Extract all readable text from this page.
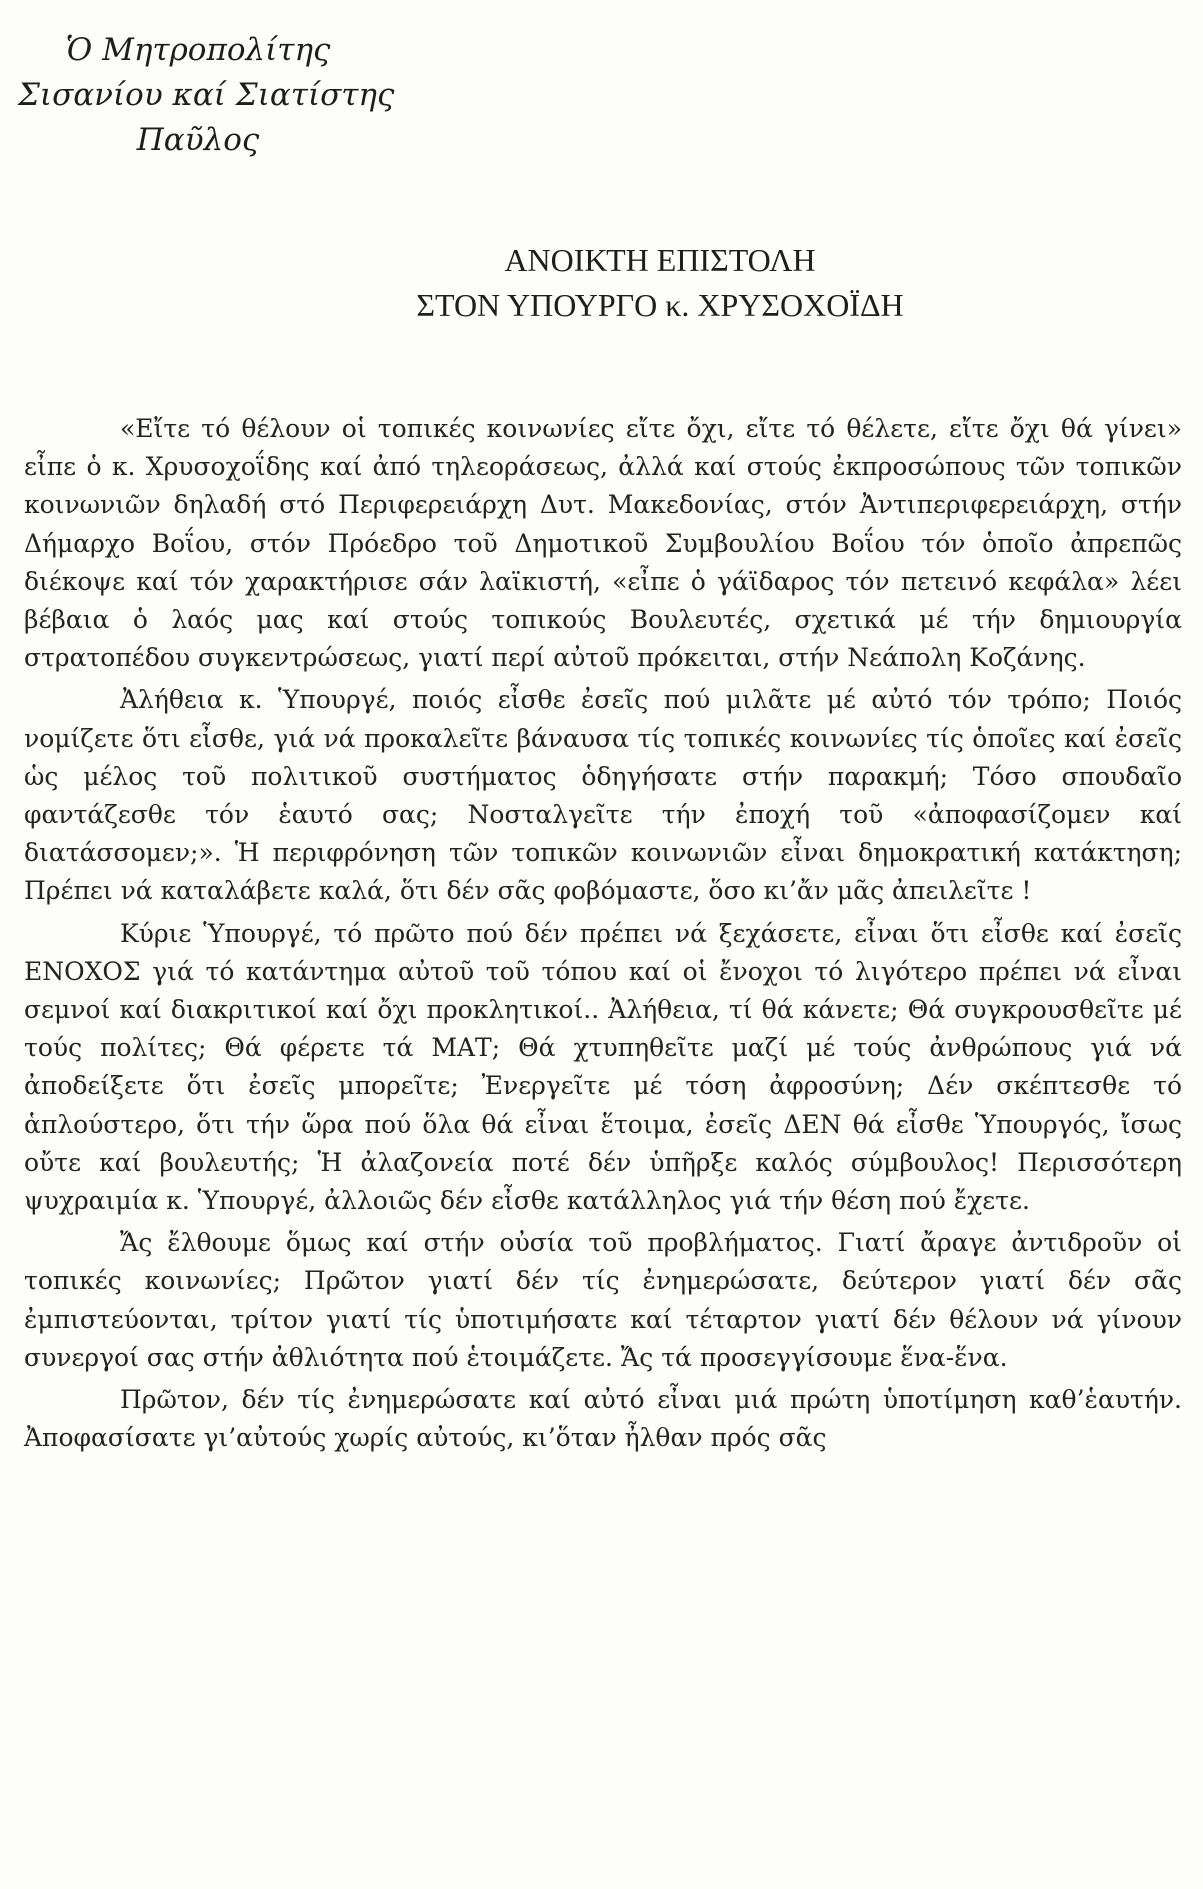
Ὁ Μητροπολίτης
Σισανίου καί Σιατίστης
Παῦλος
ΑΝΟΙΚΤΗ ΕΠΙΣΤΟΛΗ
ΣΤΟΝ ΥΠΟΥΡΓΟ κ. ΧΡΥΣΟΧΟΪΔΗ

«Εἴτε τό θέλουν οἱ τοπικές κοινωνίες εἴτε ὄχι, εἴτε τό θέλετε, εἴτε ὄχι θά γίνει» εἶπε ὁ κ. Χρυσοχοΐδης καί ἀπό τηλεοράσεως, ἀλλά καί στούς ἐκπροσώπους τῶν τοπικῶν κοινωνιῶν δηλαδή στό Περιφερειάρχη Δυτ. Μακεδονίας, στόν Ἀντιπεριφερειάρχη, στήν Δήμαρχο Βοΐου, στόν Πρόεδρο τοῦ Δημοτικοῦ Συμβουλίου Βοΐου τόν ὁποῖο ἀπρεπῶς διέκοψε καί τόν χαρακτήρισε σάν λαϊκιστή, «εἶπε ὁ γάϊδαρος τόν πετεινό κεφάλα» λέει βέβαια ὁ λαός μας καί στούς τοπικούς Βουλευτές, σχετικά μέ τήν δημιουργία στρατοπέδου συγκεντρώσεως, γιατί περί αὐτοῦ πρόκειται, στήν Νεάπολη Κοζάνης.

Ἀλήθεια κ. Ὑπουργέ, ποιός εἶσθε ἐσεῖς πού μιλᾶτε μέ αὐτό τόν τρόπο; Ποιός νομίζετε ὅτι εἶσθε, γιά νά προκαλεῖτε βάναυσα τίς τοπικές κοινωνίες τίς ὁποῖες καί ἐσεῖς ὡς μέλος τοῦ πολιτικοῦ συστήματος ὁδηγήσατε στήν παρακμή; Τόσο σπουδαῖο φαντάζεσθε τόν ἑαυτό σας; Νοσταλγεῖτε τήν ἐποχή τοῦ «ἀποφασίζομεν καί διατάσσομεν;». Ἡ περιφρόνηση τῶν τοπικῶν κοινωνιῶν εἶναι δημοκρατική κατάκτηση; Πρέπει νά καταλάβετε καλά, ὅτι δέν σᾶς φοβόμαστε, ὅσο κι’ἄν μᾶς ἀπειλεῖτε !

Κύριε Ὑπουργέ, τό πρῶτο πού δέν πρέπει νά ξεχάσετε, εἶναι ὅτι εἶσθε καί ἐσεῖς ΕΝΟΧΟΣ γιά τό κατάντημα αὐτοῦ τοῦ τόπου καί οἱ ἔνοχοι τό λιγότερο πρέπει νά εἶναι σεμνοί καί διακριτικοί καί ὄχι προκλητικοί.. Ἀλήθεια, τί θά κάνετε; Θά συγκρουσθεῖτε μέ τούς πολίτες; Θά φέρετε τά ΜΑΤ; Θά χτυπηθεῖτε μαζί μέ τούς ἀνθρώπους γιά νά ἀποδείξετε ὅτι ἐσεῖς μπορεῖτε; Ἐνεργεῖτε μέ τόση ἀφροσύνη; Δέν σκέπτεσθε τό ἁπλούστερο, ὅτι τήν ὥρα πού ὅλα θά εἶναι ἕτοιμα, ἐσεῖς ΔΕΝ θά εἶσθε Ὑπουργός, ἴσως οὔτε καί βουλευτής; Ἡ ἀλαζονεία ποτέ δέν ὑπῆρξε καλός σύμβουλος! Περισσότερη ψυχραιμία κ. Ὑπουργέ, ἀλλοιῶς δέν εἶσθε κατάλληλος γιά τήν θέση πού ἔχετε.

Ἄς ἔλθουμε ὅμως καί στήν οὐσία τοῦ προβλήματος. Γιατί ἄραγε ἀντιδροῦν οἱ τοπικές κοινωνίες; Πρῶτον γιατί δέν τίς ἐνημερώσατε, δεύτερον γιατί δέν σᾶς ἐμπιστεύονται, τρίτον γιατί τίς ὑποτιμήσατε καί τέταρτον γιατί δέν θέλουν νά γίνουν συνεργοί σας στήν ἀθλιότητα πού ἑτοιμάζετε. Ἄς τά προσεγγίσουμε ἕνα-ἕνα.

Πρῶτον, δέν τίς ἐνημερώσατε καί αὐτό εἶναι μιά πρώτη ὑποτίμηση καθ’ἑαυτήν. Ἀποφασίσατε γι’αὐτούς χωρίς αὐτούς, κι’ὅταν ἦλθαν πρός σᾶς
